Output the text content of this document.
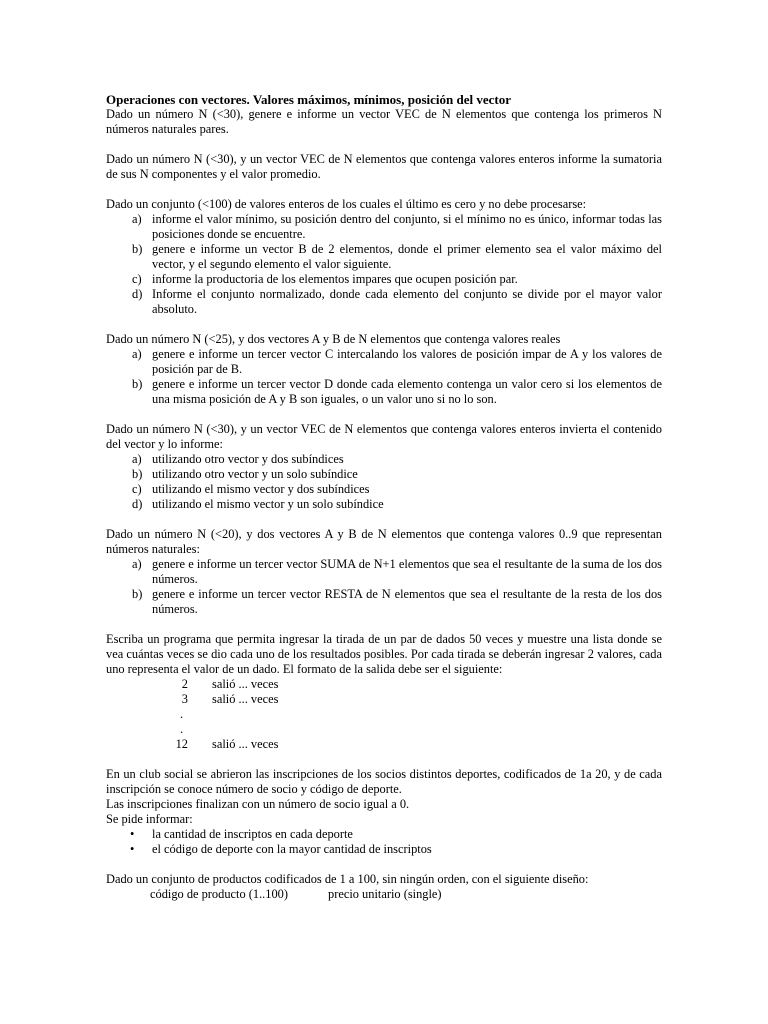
Operaciones con vectores. Valores máximos, mínimos, posición del vector
Dado un número N (<30), genere e informe un vector VEC de N elementos que contenga los primeros N números naturales pares.
Dado un número N (<30), y un vector VEC de N elementos que contenga valores enteros informe la sumatoria de sus N componentes y el valor promedio.
Dado un conjunto (<100) de valores enteros de los cuales el último es cero y no debe procesarse:
a) informe el valor mínimo, su posición dentro del conjunto, si el mínimo no es único, informar todas las posiciones donde se encuentre.
b) genere e informe un vector B de 2 elementos, donde el primer elemento sea el valor máximo del vector, y el segundo elemento el valor siguiente.
c) informe la productoria de los elementos impares que ocupen posición par.
d) Informe el conjunto normalizado, donde cada elemento del conjunto se divide por el mayor valor absoluto.
Dado un número N (<25), y dos vectores A y B de N elementos que contenga valores reales
a) genere e informe un tercer vector C intercalando los valores de posición impar de A y los valores de posición par de B.
b) genere e informe un tercer vector D donde cada elemento contenga un valor cero si los elementos de una misma posición de A y B son iguales, o un valor uno si no lo son.
Dado un número N (<30), y un vector VEC de N elementos que contenga valores enteros invierta el contenido del vector y lo informe:
a) utilizando otro vector y dos subíndices
b) utilizando otro vector y un solo subíndice
c) utilizando el mismo vector y dos subíndices
d) utilizando el mismo vector y un solo subíndice
Dado un número N (<20), y dos vectores A y B de N elementos que contenga valores 0..9 que representan números naturales:
a) genere e informe un tercer vector SUMA de N+1 elementos que sea el resultante de la suma de los dos números.
b) genere e informe un tercer vector RESTA de N elementos que sea el resultante de la resta de los dos números.
Escriba un programa que permita ingresar la tirada de un par de dados 50 veces y muestre una lista donde se vea cuántas veces se dio cada uno de los resultados posibles. Por cada tirada se deberán ingresar 2 valores, cada uno representa el valor de un dado. El formato de la salida debe ser el siguiente:
2 salió ... veces
3 salió ... veces
.
.
12 salió ... veces
En un club social se abrieron las inscripciones de los socios distintos deportes, codificados de 1a 20, y de cada inscripción se conoce número de socio y código de deporte.
Las inscripciones finalizan con un número de socio igual a 0.
Se pide informar:
• la cantidad de inscriptos en cada deporte
• el código de deporte con la mayor cantidad de inscriptos
Dado un conjunto de productos codificados de 1 a 100, sin ningún orden, con el siguiente diseño:
código de producto (1..100)	precio unitario (single)
